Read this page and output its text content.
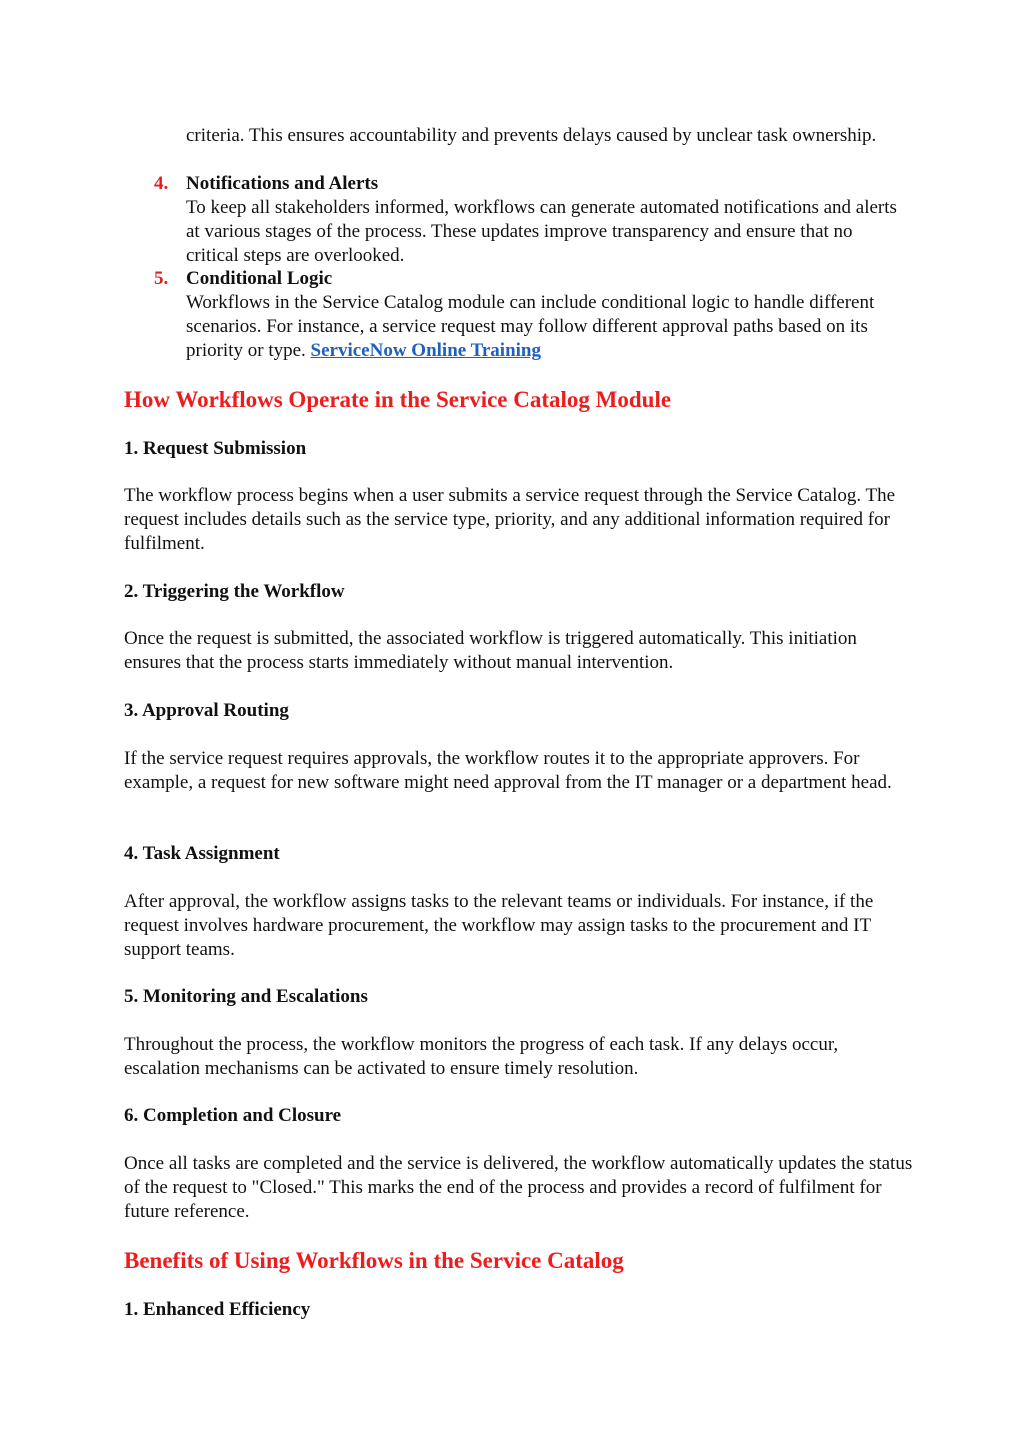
criteria. This ensures accountability and prevents delays caused by unclear task ownership.

4. Notifications and Alerts
To keep all stakeholders informed, workflows can generate automated notifications and alerts at various stages of the process. These updates improve transparency and ensure that no critical steps are overlooked.
5. Conditional Logic
Workflows in the Service Catalog module can include conditional logic to handle different scenarios. For instance, a service request may follow different approval paths based on its priority or type. ServiceNow Online Training
How Workflows Operate in the Service Catalog Module
1. Request Submission

The workflow process begins when a user submits a service request through the Service Catalog. The request includes details such as the service type, priority, and any additional information required for fulfilment.

2. Triggering the Workflow

Once the request is submitted, the associated workflow is triggered automatically. This initiation ensures that the process starts immediately without manual intervention.

3. Approval Routing

If the service request requires approvals, the workflow routes it to the appropriate approvers. For example, a request for new software might need approval from the IT manager or a department head.

4. Task Assignment

After approval, the workflow assigns tasks to the relevant teams or individuals. For instance, if the request involves hardware procurement, the workflow may assign tasks to the procurement and IT support teams.

5. Monitoring and Escalations

Throughout the process, the workflow monitors the progress of each task. If any delays occur, escalation mechanisms can be activated to ensure timely resolution.

6. Completion and Closure

Once all tasks are completed and the service is delivered, the workflow automatically updates the status of the request to "Closed." This marks the end of the process and provides a record of fulfilment for future reference.

Benefits of Using Workflows in the Service Catalog
1. Enhanced Efficiency
